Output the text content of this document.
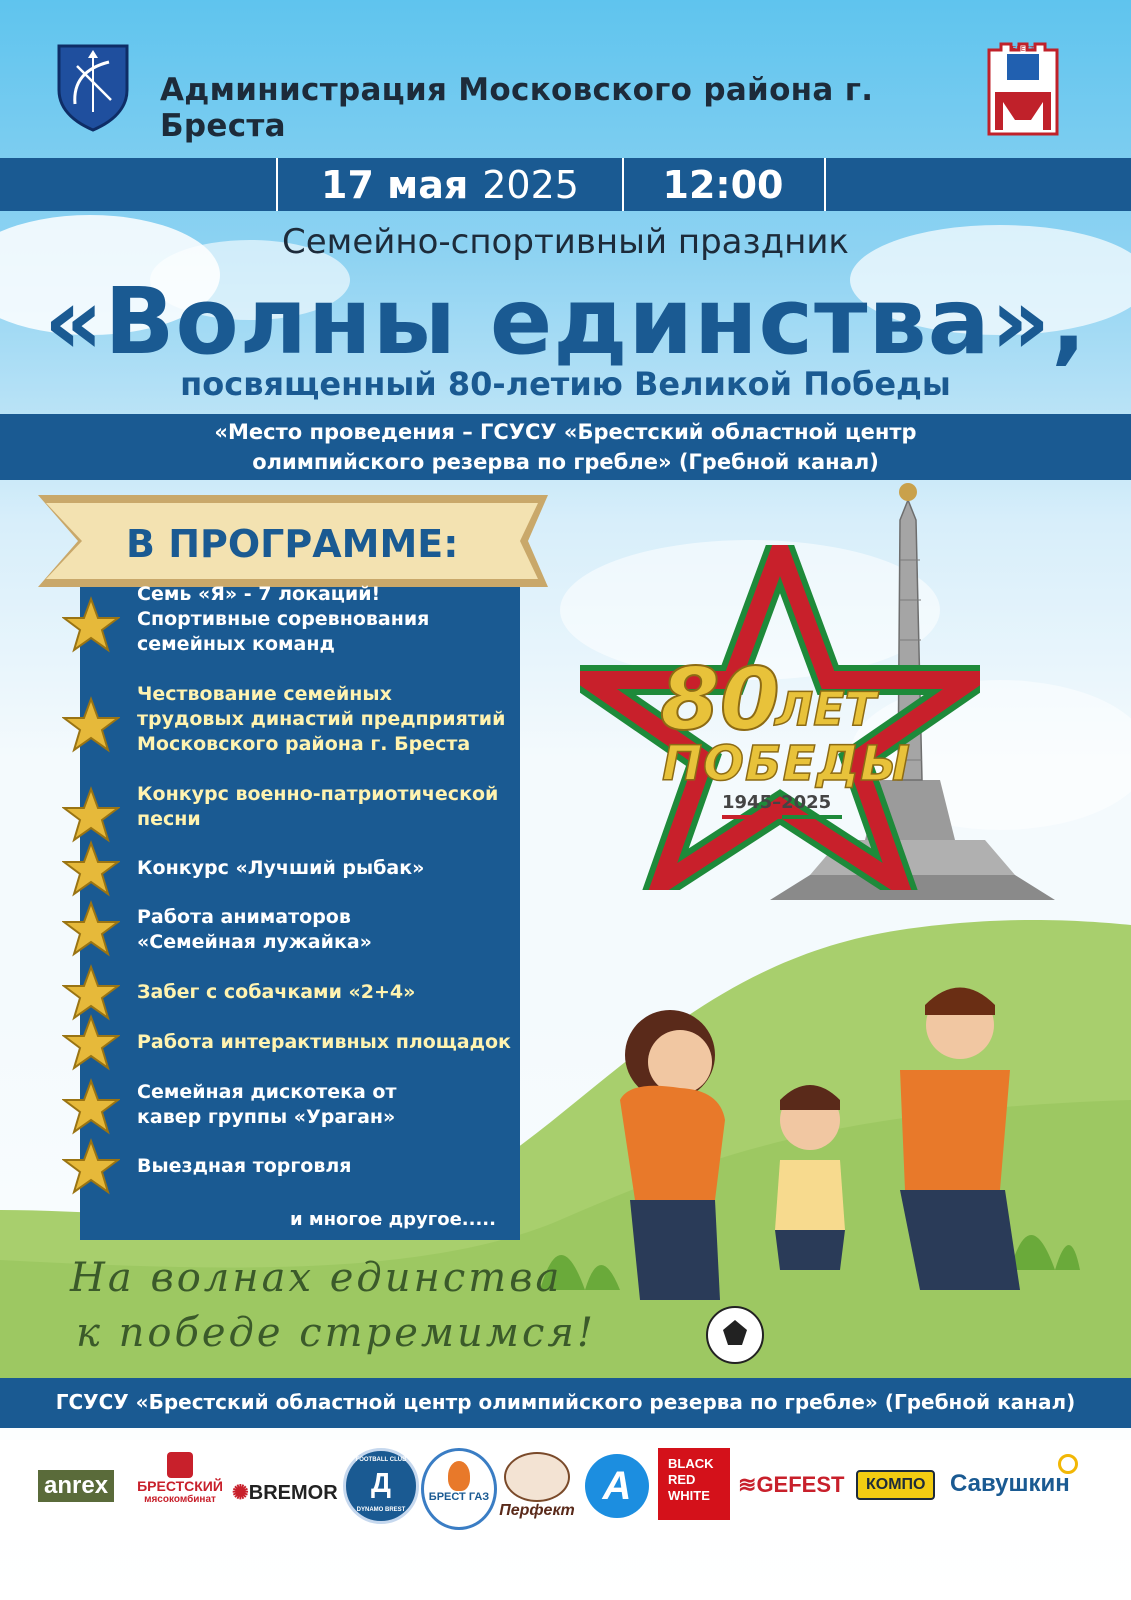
Администрация Московского района г. Бреста
БРЕСТ
17 мая 2025 12:00
Семейно-спортивный праздник
«Волны единства»,
посвященный 80-летию Великой Победы
«Место проведения – ГСУСУ «Брестский областной центр
олимпийского резерва по гребле» (Гребной канал)
В ПРОГРАММЕ:
Семь «Я» - 7 локаций!
Спортивные соревнования
семейных команд
Чествование семейных
трудовых династий предприятий
Московского района г. Бреста
Конкурс военно-патриотической
песни
Конкурс «Лучший рыбак»
Работа аниматоров
«Семейная лужайка»
Забег с собачками «2+4»
Работа интерактивных площадок
Семейная дискотека от
кавер группы «Ураган»
Выездная торговля
и многое другое.....
80
ЛЕТ
ПОБЕДЫ
1945–2025
На волнах единства
к победе стремимся!
ГСУСУ «Брестский областной центр олимпийского резерва по гребле» (Гребной канал)
anrex	БРЕСТСКИЙ
мясокомбинат ✺BREMOR
FOOTBALL CLUB
Д
DYNAMO BREST
БРЕСТ ГАЗ
Перфект
Α
BLACK
RED
WHITE	≋GEFEST	КОМПО	Савушкин
